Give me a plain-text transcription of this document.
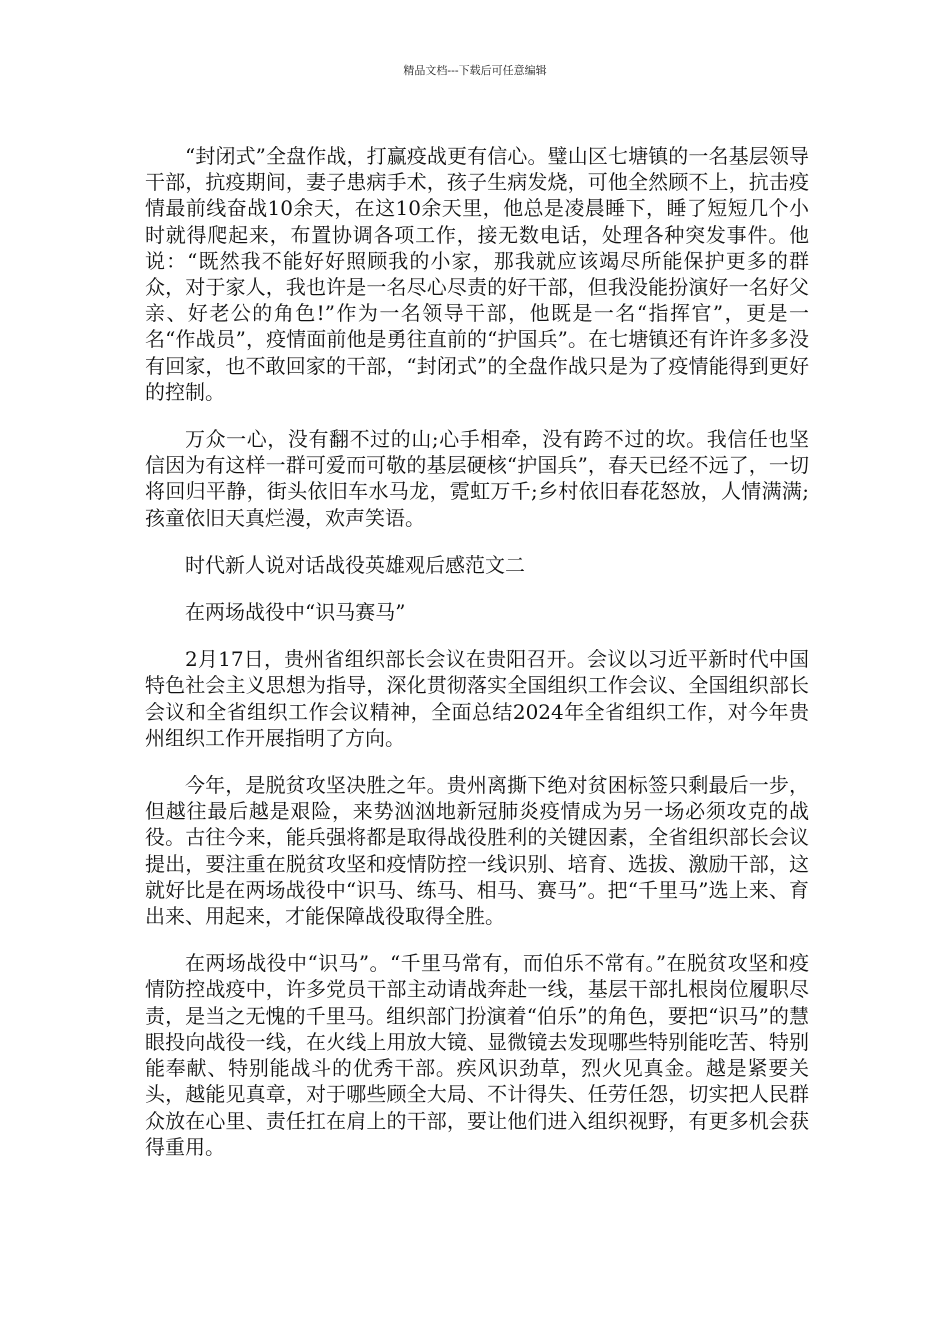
精品文档---下载后可任意编辑

“封闭式”全盘作战，打赢疫战更有信心。璧山区七塘镇的一名基层领导干部，抗疫期间，妻子患病手术，孩子生病发烧，可他全然顾不上，抗击疫情最前线奋战10余天，在这10余天里，他总是凌晨睡下，睡了短短几个小时就得爬起来，布置协调各项工作，接无数电话，处理各种突发事件。他说：“既然我不能好好照顾我的小家，那我就应该竭尽所能保护更多的群众，对于家人，我也许是一名尽心尽责的好干部，但我没能扮演好一名好父亲、好老公的角色!”作为一名领导干部，他既是一名“指挥官”，更是一名“作战员”，疫情面前他是勇往直前的“护国兵”。在七塘镇还有许许多多没有回家，也不敢回家的干部，“封闭式”的全盘作战只是为了疫情能得到更好的控制。

万众一心，没有翻不过的山;心手相牵，没有跨不过的坎。我信任也坚信因为有这样一群可爱而可敬的基层硬核“护国兵”，春天已经不远了，一切将回归平静，街头依旧车水马龙，霓虹万千;乡村依旧春花怒放，人情满满;孩童依旧天真烂漫，欢声笑语。

时代新人说对话战役英雄观后感范文二

在两场战役中“识马赛马”

2月17日，贵州省组织部长会议在贵阳召开。会议以习近平新时代中国特色社会主义思想为指导，深化贯彻落实全国组织工作会议、全国组织部长会议和全省组织工作会议精神，全面总结2024年全省组织工作，对今年贵州组织工作开展指明了方向。

今年，是脱贫攻坚决胜之年。贵州离撕下绝对贫困标签只剩最后一步，但越往最后越是艰险，来势汹汹地新冠肺炎疫情成为另一场必须攻克的战役。古往今来，能兵强将都是取得战役胜利的关键因素，全省组织部长会议提出，要注重在脱贫攻坚和疫情防控一线识别、培育、选拔、激励干部，这就好比是在两场战役中“识马、练马、相马、赛马”。把“千里马”选上来、育出来、用起来，才能保障战役取得全胜。

在两场战役中“识马”。“千里马常有，而伯乐不常有。”在脱贫攻坚和疫情防控战疫中，许多党员干部主动请战奔赴一线，基层干部扎根岗位履职尽责，是当之无愧的千里马。组织部门扮演着“伯乐”的角色，要把“识马”的慧眼投向战役一线，在火线上用放大镜、显微镜去发现哪些特别能吃苦、特别能奉献、特别能战斗的优秀干部。疾风识劲草，烈火见真金。越是紧要关头，越能见真章，对于哪些顾全大局、不计得失、任劳任怨，切实把人民群众放在心里、责任扛在肩上的干部，要让他们进入组织视野，有更多机会获得重用。
